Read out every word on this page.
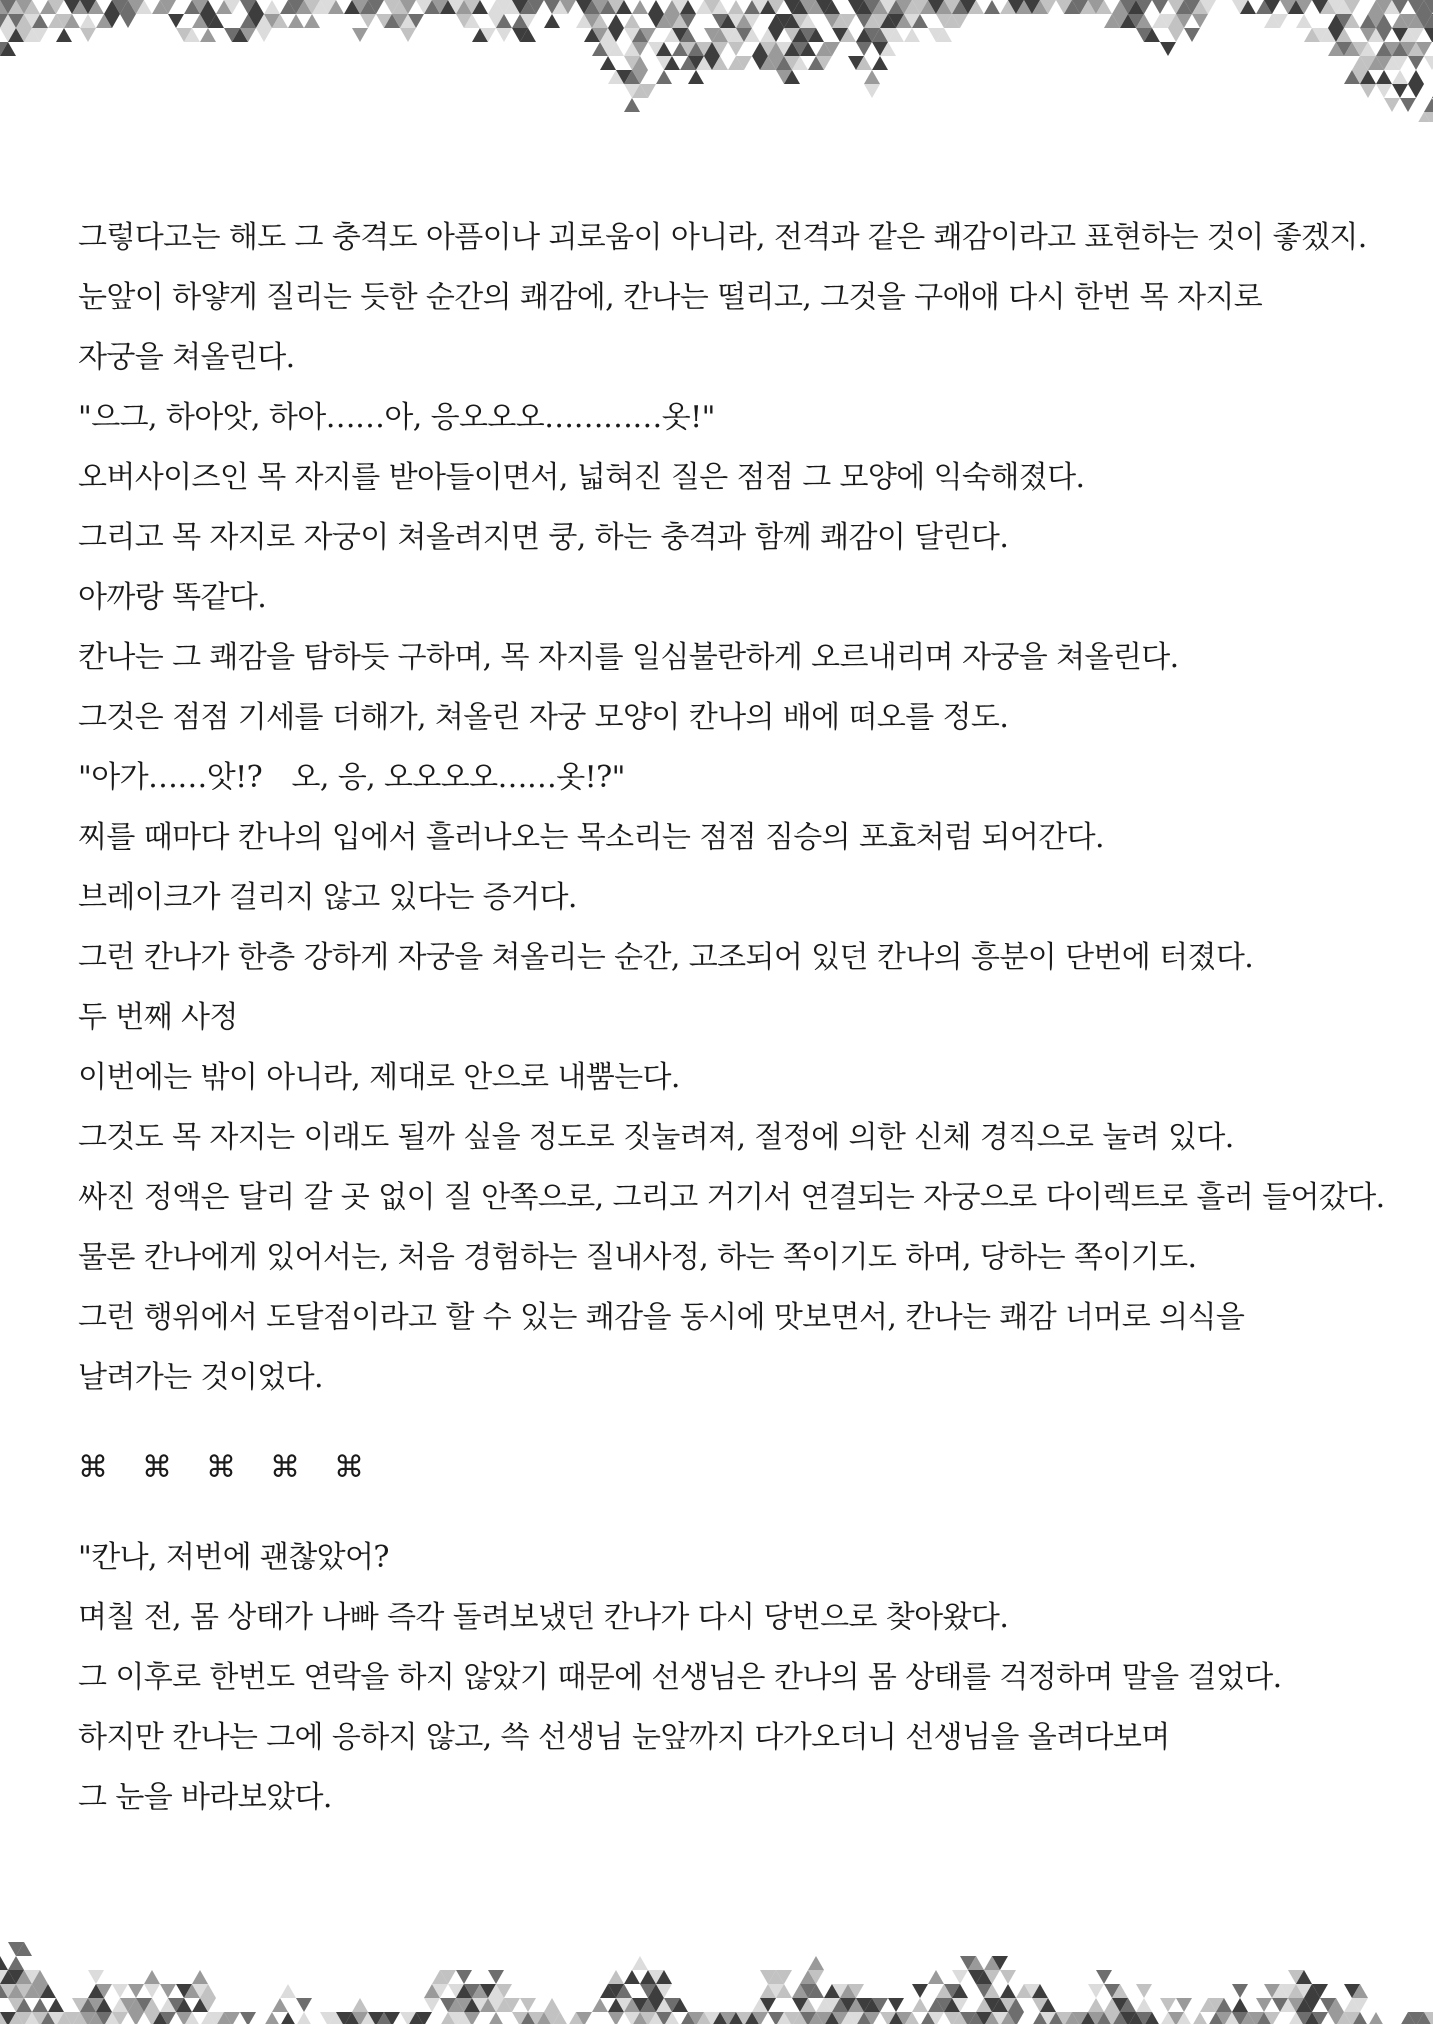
그렇다고는 해도 그 충격도 아픔이나 괴로움이 아니라, 전격과 같은 쾌감이라고 표현하는 것이 좋겠지.
눈앞이 하얗게 질리는 듯한 순간의 쾌감에, 칸나는 떨리고, 그것을 구애애 다시 한번 목 자지로
자궁을 쳐올린다.
"으그, 하아앗, 하아……아, 응오오오…………옷!"
오버사이즈인 목 자지를 받아들이면서, 넓혀진 질은 점점 그 모양에 익숙해졌다.
그리고 목 자지로 자궁이 쳐올려지면 쿵, 하는 충격과 함께 쾌감이 달린다.
아까랑 똑같다.
칸나는 그 쾌감을 탐하듯 구하며, 목 자지를 일심불란하게 오르내리며 자궁을 쳐올린다.
그것은 점점 기세를 더해가, 쳐올린 자궁 모양이 칸나의 배에 떠오를 정도.
"아가……앗!?　오, 응, 오오오오……옷!?"
찌를 때마다 칸나의 입에서 흘러나오는 목소리는 점점 짐승의 포효처럼 되어간다.
브레이크가 걸리지 않고 있다는 증거다.
그런 칸나가 한층 강하게 자궁을 쳐올리는 순간, 고조되어 있던 칸나의 흥분이 단번에 터졌다.
두 번째 사정
이번에는 밖이 아니라, 제대로 안으로 내뿜는다.
그것도 목 자지는 이래도 될까 싶을 정도로 짓눌려져, 절정에 의한 신체 경직으로 눌려 있다.
싸진 정액은 달리 갈 곳 없이 질 안쪽으로, 그리고 거기서 연결되는 자궁으로 다이렉트로 흘러 들어갔다.
물론 칸나에게 있어서는, 처음 경험하는 질내사정, 하는 쪽이기도 하며, 당하는 쪽이기도.
그런 행위에서 도달점이라고 할 수 있는 쾌감을 동시에 맛보면서, 칸나는 쾌감 너머로 의식을
날려가는 것이었다.
⌘ ⌘ ⌘ ⌘ ⌘
"칸나, 저번에 괜찮았어?
며칠 전, 몸 상태가 나빠 즉각 돌려보냈던 칸나가 다시 당번으로 찾아왔다.
그 이후로 한번도 연락을 하지 않았기 때문에 선생님은 칸나의 몸 상태를 걱정하며 말을 걸었다.
하지만 칸나는 그에 응하지 않고, 쓱 선생님 눈앞까지 다가오더니 선생님을 올려다보며
그 눈을 바라보았다.
